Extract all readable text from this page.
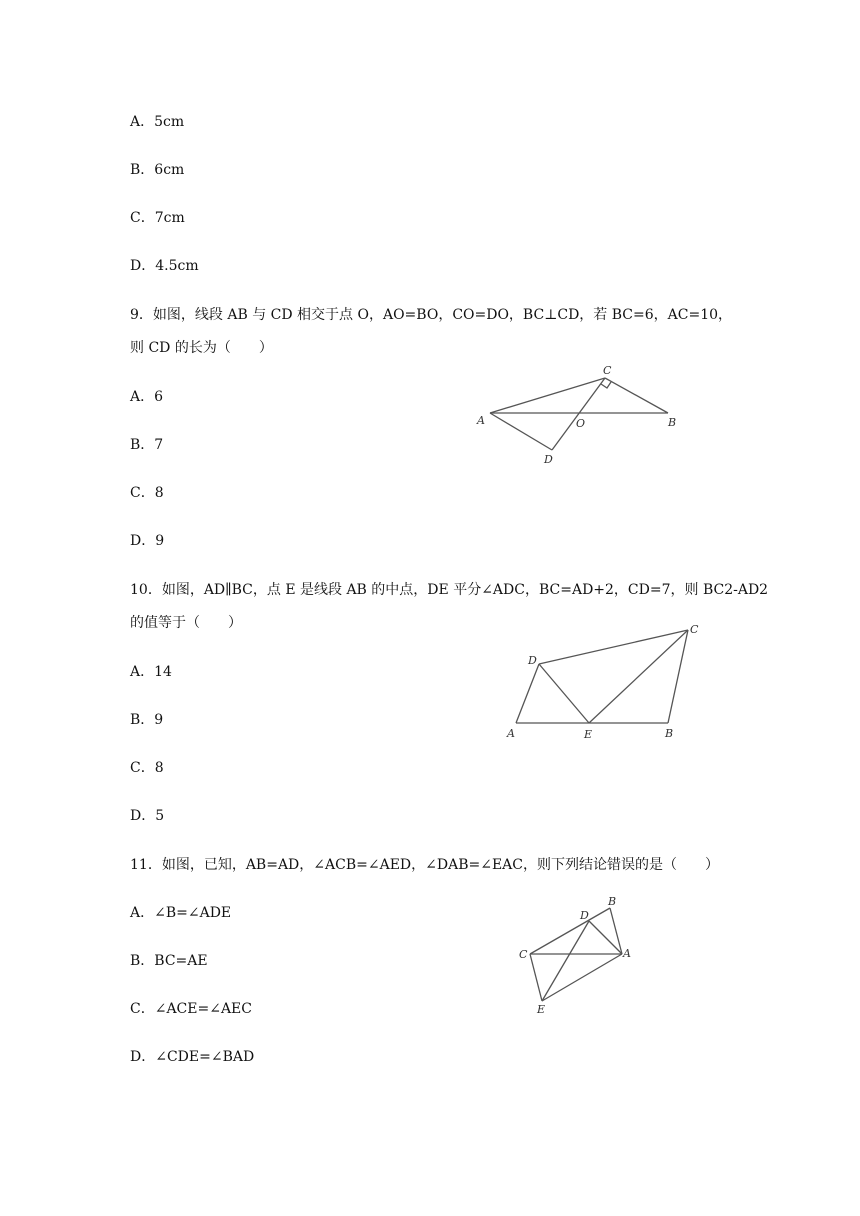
A．5cm
B．6cm
C．7cm
D．4.5cm
9．如图，线段 AB 与 CD 相交于点 O，AO=BO，CO=DO，BC⊥CD，若 BC=6，AC=10，
则 CD 的长为（　　）
A．6
B．7
C．8
D．9
A	B
C
D
O
10．如图，AD∥BC，点 E 是线段 AB 的中点，DE 平分∠ADC，BC=AD+2，CD=7，则 BC2-AD2
的值等于（　　）
A．14
B．9
C．8
D．5
A	B
C
D
E
11．如图，已知，AB=AD，∠ACB=∠AED，∠DAB=∠EAC，则下列结论错误的是（　　）
A．∠B=∠ADE
B．BC=AE
C．∠ACE=∠AEC
D．∠CDE=∠BAD
A
B
C
D
E
